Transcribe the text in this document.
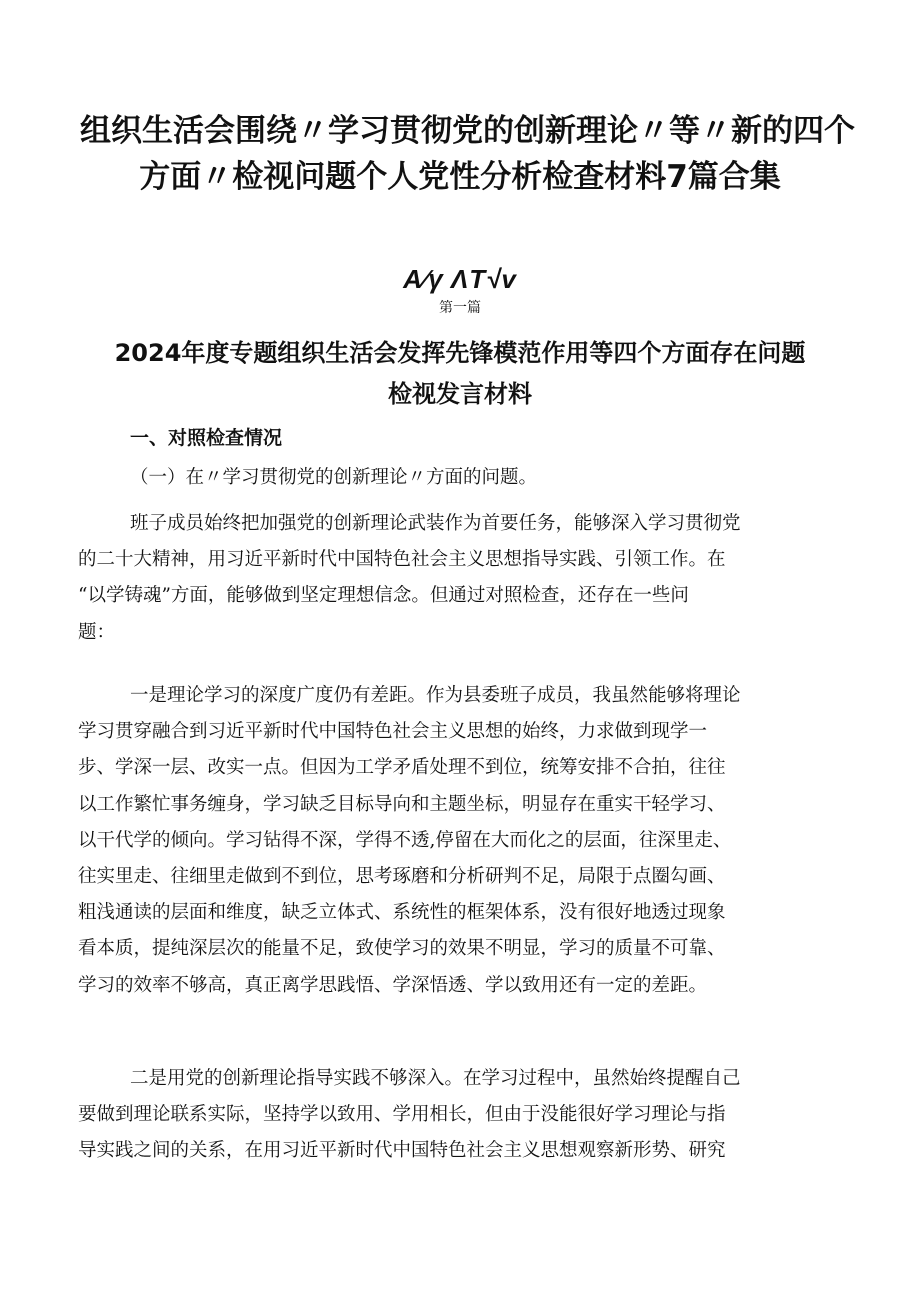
组织生活会围绕〃学习贯彻党的创新理论〃等〃新的四个
方面〃检视问题个人党性分析检查材料7篇合集
A∕γ ΛT√v
第一篇
2024年度专题组织生活会发挥先锋模范作用等四个方面存在问题
检视发言材料
一、对照检查情况

（一）在〃学习贯彻党的创新理论〃方面的问题。

班子成员始终把加强党的创新理论武装作为首要任务，能够深入学习贯彻党
的二十大精神，用习近平新时代中国特色社会主义思想指导实践、引领工作。在
“以学铸魂”方面，能够做到坚定理想信念。但通过对照检查，还存在一些问
题：

一是理论学习的深度广度仍有差距。作为县委班子成员，我虽然能够将理论
学习贯穿融合到习近平新时代中国特色社会主义思想的始终，力求做到现学一
步、学深一层、改实一点。但因为工学矛盾处理不到位，统筹安排不合拍，往往
以工作繁忙事务缠身，学习缺乏目标导向和主题坐标，明显存在重实干轻学习、
以干代学的倾向。学习钻得不深，学得不透,停留在大而化之的层面，往深里走、
往实里走、往细里走做到不到位，思考琢磨和分析研判不足，局限于点圈勾画、
粗浅通读的层面和维度，缺乏立体式、系统性的框架体系，没有很好地透过现象
看本质，提纯深层次的能量不足，致使学习的效果不明显，学习的质量不可靠、
学习的效率不够高，真正离学思践悟、学深悟透、学以致用还有一定的差距。

二是用党的创新理论指导实践不够深入。在学习过程中，虽然始终提醒自己
要做到理论联系实际，坚持学以致用、学用相长，但由于没能很好学习理论与指
导实践之间的关系，在用习近平新时代中国特色社会主义思想观察新形势、研究
